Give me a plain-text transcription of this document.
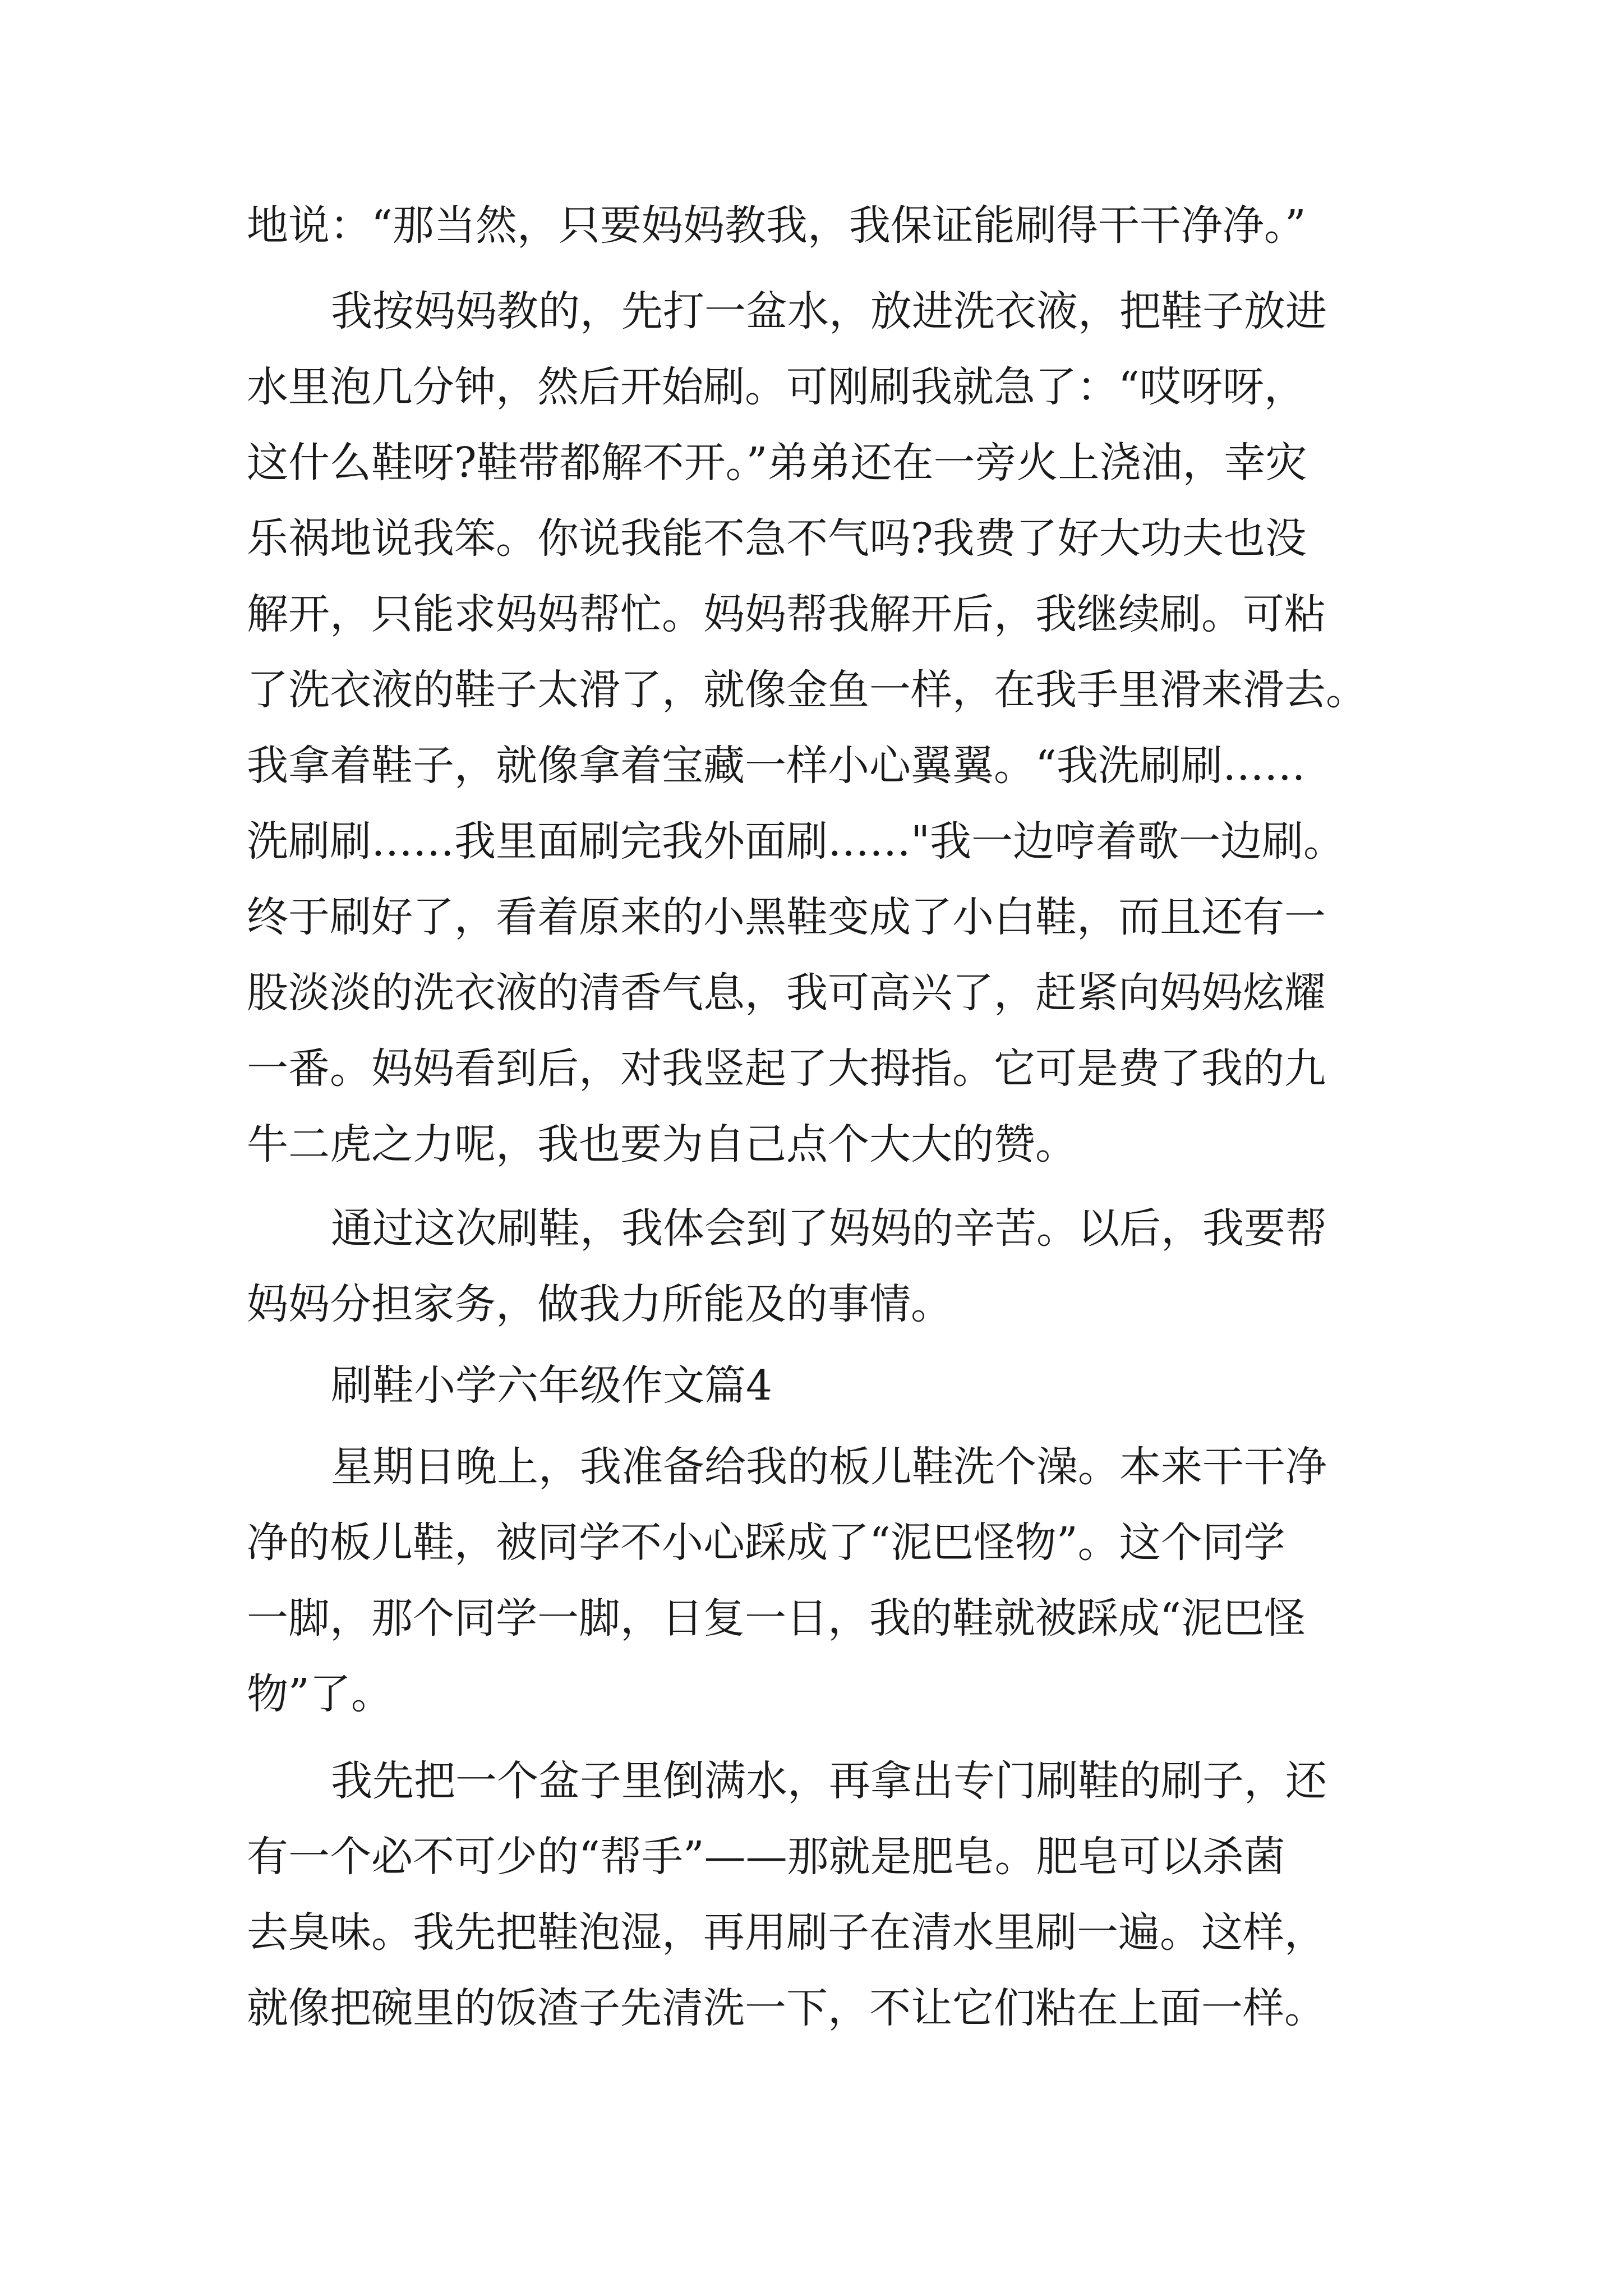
地说：“那当然，只要妈妈教我，我保证能刷得干干净净。”
我按妈妈教的，先打一盆水，放进洗衣液，把鞋子放进
水里泡几分钟，然后开始刷。可刚刷我就急了：“哎呀呀，
这什么鞋呀?鞋带都解不开。”弟弟还在一旁火上浇油，幸灾
乐祸地说我笨。你说我能不急不气吗?我费了好大功夫也没
解开，只能求妈妈帮忙。妈妈帮我解开后，我继续刷。可粘
了洗衣液的鞋子太滑了，就像金鱼一样，在我手里滑来滑去。
我拿着鞋子，就像拿着宝藏一样小心翼翼。“我洗刷刷……
洗刷刷……我里面刷完我外面刷……"我一边哼着歌一边刷。
终于刷好了，看着原来的小黑鞋变成了小白鞋，而且还有一
股淡淡的洗衣液的清香气息，我可高兴了，赶紧向妈妈炫耀
一番。妈妈看到后，对我竖起了大拇指。它可是费了我的九
牛二虎之力呢，我也要为自己点个大大的赞。
通过这次刷鞋，我体会到了妈妈的辛苦。以后，我要帮
妈妈分担家务，做我力所能及的事情。
刷鞋小学六年级作文篇4
星期日晚上，我准备给我的板儿鞋洗个澡。本来干干净
净的板儿鞋，被同学不小心踩成了“泥巴怪物”。这个同学
一脚，那个同学一脚，日复一日，我的鞋就被踩成“泥巴怪
物”了。
我先把一个盆子里倒满水，再拿出专门刷鞋的刷子，还
有一个必不可少的“帮手”——那就是肥皂。肥皂可以杀菌
去臭味。我先把鞋泡湿，再用刷子在清水里刷一遍。这样，
就像把碗里的饭渣子先清洗一下，不让它们粘在上面一样。
